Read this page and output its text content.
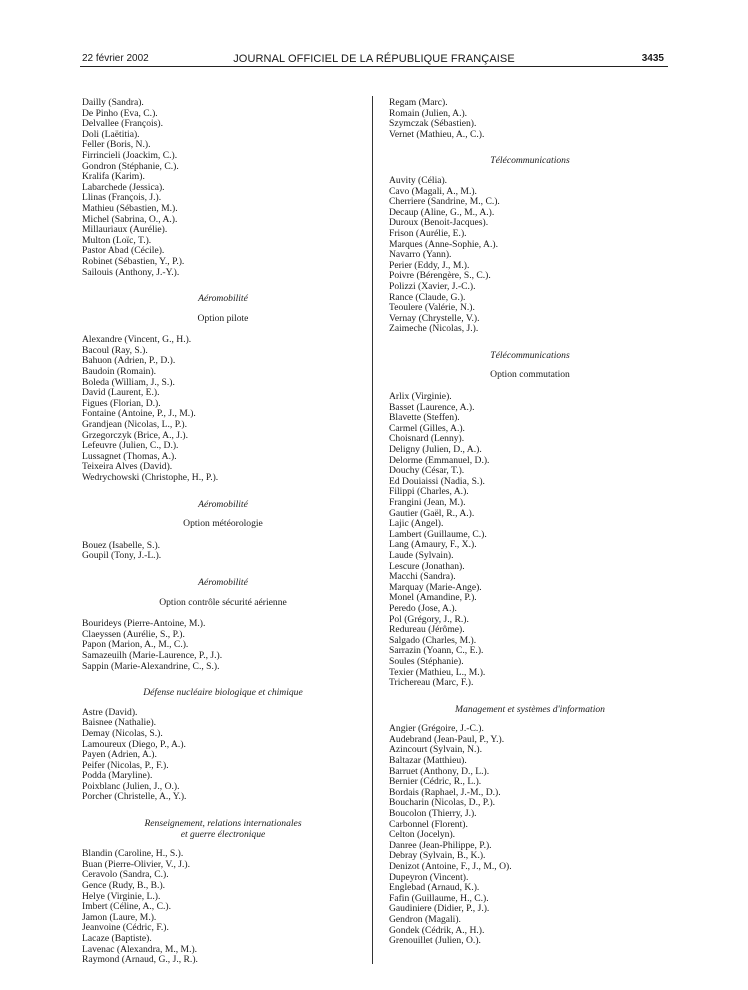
22 février 2002	JOURNAL OFFICIEL DE LA RÉPUBLIQUE FRANÇAISE	3435
Dailly (Sandra).
De Pinho (Eva, C.).
Delvallee (François).
Doli (Laëtitia).
Feller (Boris, N.).
Firrincieli (Joackim, C.).
Gondron (Stéphanie, C.).
Kralifa (Karim).
Labarchede (Jessica).
Llinas (François, J.).
Mathieu (Sébastien, M.).
Michel (Sabrina, O., A.).
Millauriaux (Aurélie).
Multon (Loïc, T.).
Pastor Abad (Cécile).
Robinet (Sébastien, Y., P.).
Sailouis (Anthony, J.-Y.).
Aéromobilité
Option pilote
Alexandre (Vincent, G., H.).
Bacoul (Ray, S.).
Bahuon (Adrien, P., D.).
Baudoin (Romain).
Boleda (William, J., S.).
David (Laurent, E.).
Figues (Florian, D.).
Fontaine (Antoine, P., J., M.).
Grandjean (Nicolas, L., P.).
Grzegorczyk (Brice, A., J.).
Lefeuvre (Julien, C., D.).
Lussagnet (Thomas, A.).
Teixeira Alves (David).
Wedrychowski (Christophe, H., P.).
Aéromobilité
Option météorologie
Bouez (Isabelle, S.).
Goupil (Tony, J.-L.).
Aéromobilité
Option contrôle sécurité aérienne
Bourideys (Pierre-Antoine, M.).
Claeyssen (Aurélie, S., P.).
Papon (Marion, A., M., C.).
Samazeuilh (Marie-Laurence, P., J.).
Sappin (Marie-Alexandrine, C., S.).
Défense nucléaire biologique et chimique
Astre (David).
Baisnee (Nathalie).
Demay (Nicolas, S.).
Lamoureux (Diego, P., A.).
Payen (Adrien, A.).
Peifer (Nicolas, P., F.).
Podda (Maryline).
Poixblanc (Julien, J., O.).
Porcher (Christelle, A., Y.).
Renseignement, relations internationales
et guerre électronique
Blandin (Caroline, H., S.).
Buan (Pierre-Olivier, V., J.).
Ceravolo (Sandra, C.).
Gence (Rudy, B., B.).
Helye (Virginie, L.).
Imbert (Céline, A., C.).
Jamon (Laure, M.).
Jeanvoine (Cédric, F.).
Lacaze (Baptiste).
Lavenac (Alexandra, M., M.).
Raymond (Arnaud, G., J., R.).
Regam (Marc).
Romain (Julien, A.).
Szymczak (Sébastien).
Vernet (Mathieu, A., C.).
Télécommunications
Auvity (Célia).
Cavo (Magali, A., M.).
Cherriere (Sandrine, M., C.).
Decaup (Aline, G., M., A.).
Duroux (Benoit-Jacques).
Frison (Aurélie, E.).
Marques (Anne-Sophie, A.).
Navarro (Yann).
Perier (Eddy, J., M.).
Poivre (Bérengère, S., C.).
Polizzi (Xavier, J.-C.).
Rance (Claude, G.).
Teoulere (Valérie, N.).
Vernay (Chrystelle, V.).
Zaimeche (Nicolas, J.).
Télécommunications
Option commutation
Arlix (Virginie).
Basset (Laurence, A.).
Blavette (Steffen).
Carmel (Gilles, A.).
Choisnard (Lenny).
Deligny (Julien, D., A.).
Delorme (Emmanuel, D.).
Douchy (César, T.).
Ed Douiaissi (Nadia, S.).
Filippi (Charles, A.).
Frangini (Jean, M.).
Gautier (Gaël, R., A.).
Lajic (Angel).
Lambert (Guillaume, C.).
Lang (Amaury, F., X.).
Laude (Sylvain).
Lescure (Jonathan).
Macchi (Sandra).
Marquay (Marie-Ange).
Monel (Amandine, P.).
Peredo (Jose, A.).
Pol (Grégory, J., R.).
Redureau (Jérôme).
Salgado (Charles, M.).
Sarrazin (Yoann, C., E.).
Soules (Stéphanie).
Texier (Mathieu, L., M.).
Trichereau (Marc, F.).
Management et systèmes d'information
Angier (Grégoire, J.-C.).
Audebrand (Jean-Paul, P., Y.).
Azincourt (Sylvain, N.).
Baltazar (Matthieu).
Barruet (Anthony, D., L.).
Bernier (Cédric, R., L.).
Bordais (Raphael, J.-M., D.).
Boucharin (Nicolas, D., P.).
Boucolon (Thierry, J.).
Carbonnel (Florent).
Celton (Jocelyn).
Danree (Jean-Philippe, P.).
Debray (Sylvain, B., K.).
Denizot (Antoine, F., J., M., O).
Dupeyron (Vincent).
Englebad (Arnaud, K.).
Fafin (Guillaume, H., C.).
Gaudiniere (Didier, P., J.).
Gendron (Magali).
Gondek (Cédrik, A., H.).
Grenouillet (Julien, O.).
